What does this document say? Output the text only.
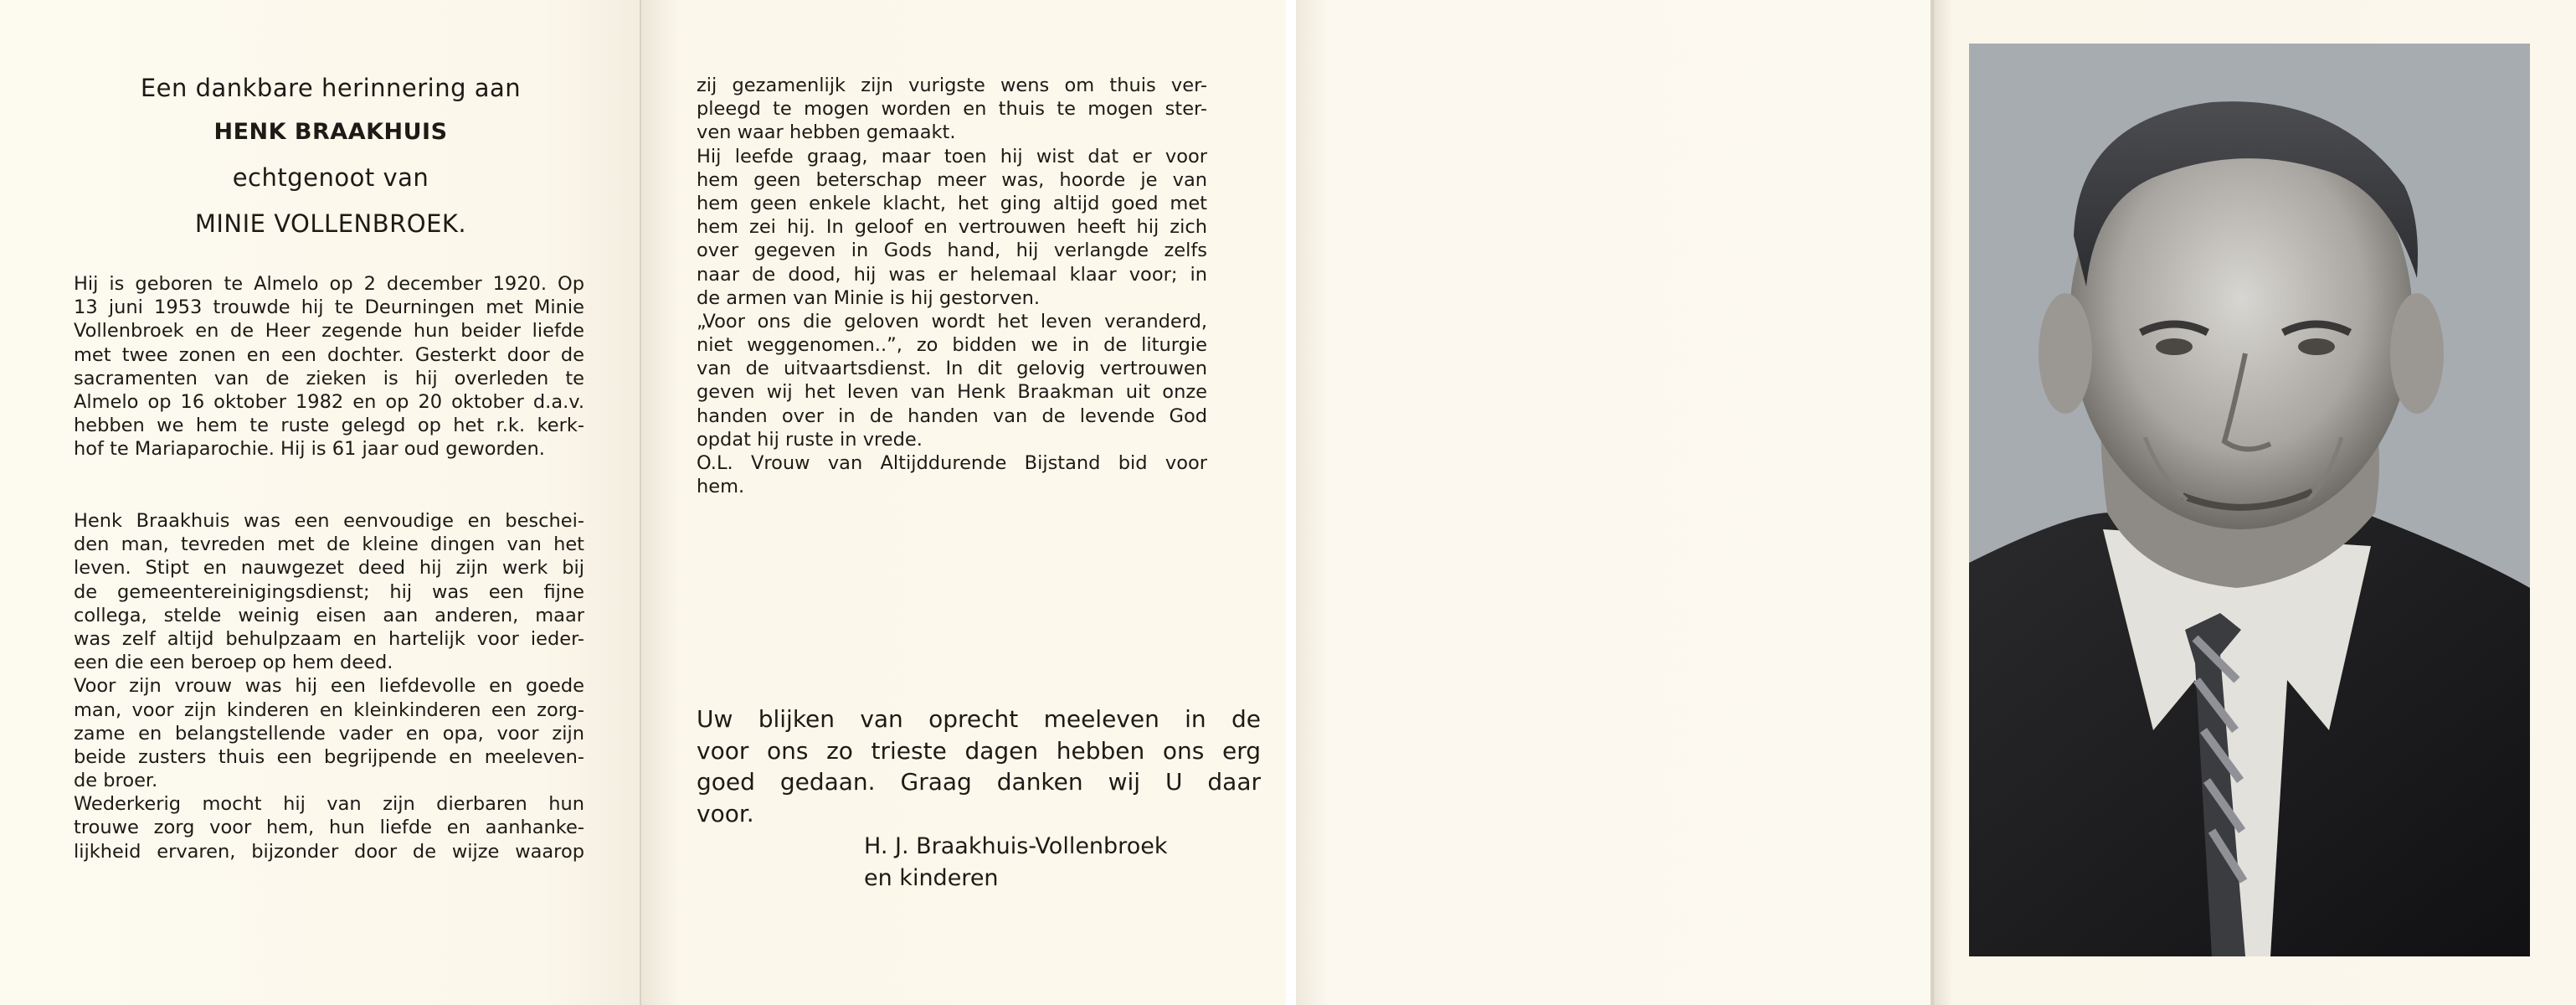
Een dankbare herinnering aan
HENK BRAAKHUIS
echtgenoot van
MINIE VOLLENBROEK.
Hij is geboren te Almelo op 2 december 1920. Op
13 juni 1953 trouwde hij te Deurningen met Minie
Vollenbroek en de Heer zegende hun beider liefde
met twee zonen en een dochter. Gesterkt door de
sacramenten van de zieken is hij overleden te
Almelo op 16 oktober 1982 en op 20 oktober d.a.v.
hebben we hem te ruste gelegd op het r.k. kerk-
hof te Mariaparochie. Hij is 61 jaar oud geworden.
Henk Braakhuis was een eenvoudige en beschei-
den man, tevreden met de kleine dingen van het
leven. Stipt en nauwgezet deed hij zijn werk bij
de gemeentereinigingsdienst; hij was een fijne
collega, stelde weinig eisen aan anderen, maar
was zelf altijd behulpzaam en hartelijk voor ieder-
een die een beroep op hem deed.
Voor zijn vrouw was hij een liefdevolle en goede
man, voor zijn kinderen en kleinkinderen een zorg-
zame en belangstellende vader en opa, voor zijn
beide zusters thuis een begrijpende en meeleven-
de broer.
Wederkerig mocht hij van zijn dierbaren hun
trouwe zorg voor hem, hun liefde en aanhanke-
lijkheid ervaren, bijzonder door de wijze waarop
zij gezamenlijk zijn vurigste wens om thuis ver-
pleegd te mogen worden en thuis te mogen ster-
ven waar hebben gemaakt.
Hij leefde graag, maar toen hij wist dat er voor
hem geen beterschap meer was, hoorde je van
hem geen enkele klacht, het ging altijd goed met
hem zei hij. In geloof en vertrouwen heeft hij zich
over gegeven in Gods hand, hij verlangde zelfs
naar de dood, hij was er helemaal klaar voor; in
de armen van Minie is hij gestorven.
„Voor ons die geloven wordt het leven veranderd,
niet weggenomen..”, zo bidden we in de liturgie
van de uitvaartsdienst. In dit gelovig vertrouwen
geven wij het leven van Henk Braakman uit onze
handen over in de handen van de levende God
opdat hij ruste in vrede.
O.L. Vrouw van Altijddurende Bijstand bid voor
hem.
Uw blijken van oprecht meeleven in de
voor ons zo trieste dagen hebben ons erg
goed gedaan. Graag danken wij U daar
voor.
H. J. Braakhuis-Vollenbroek
en kinderen
